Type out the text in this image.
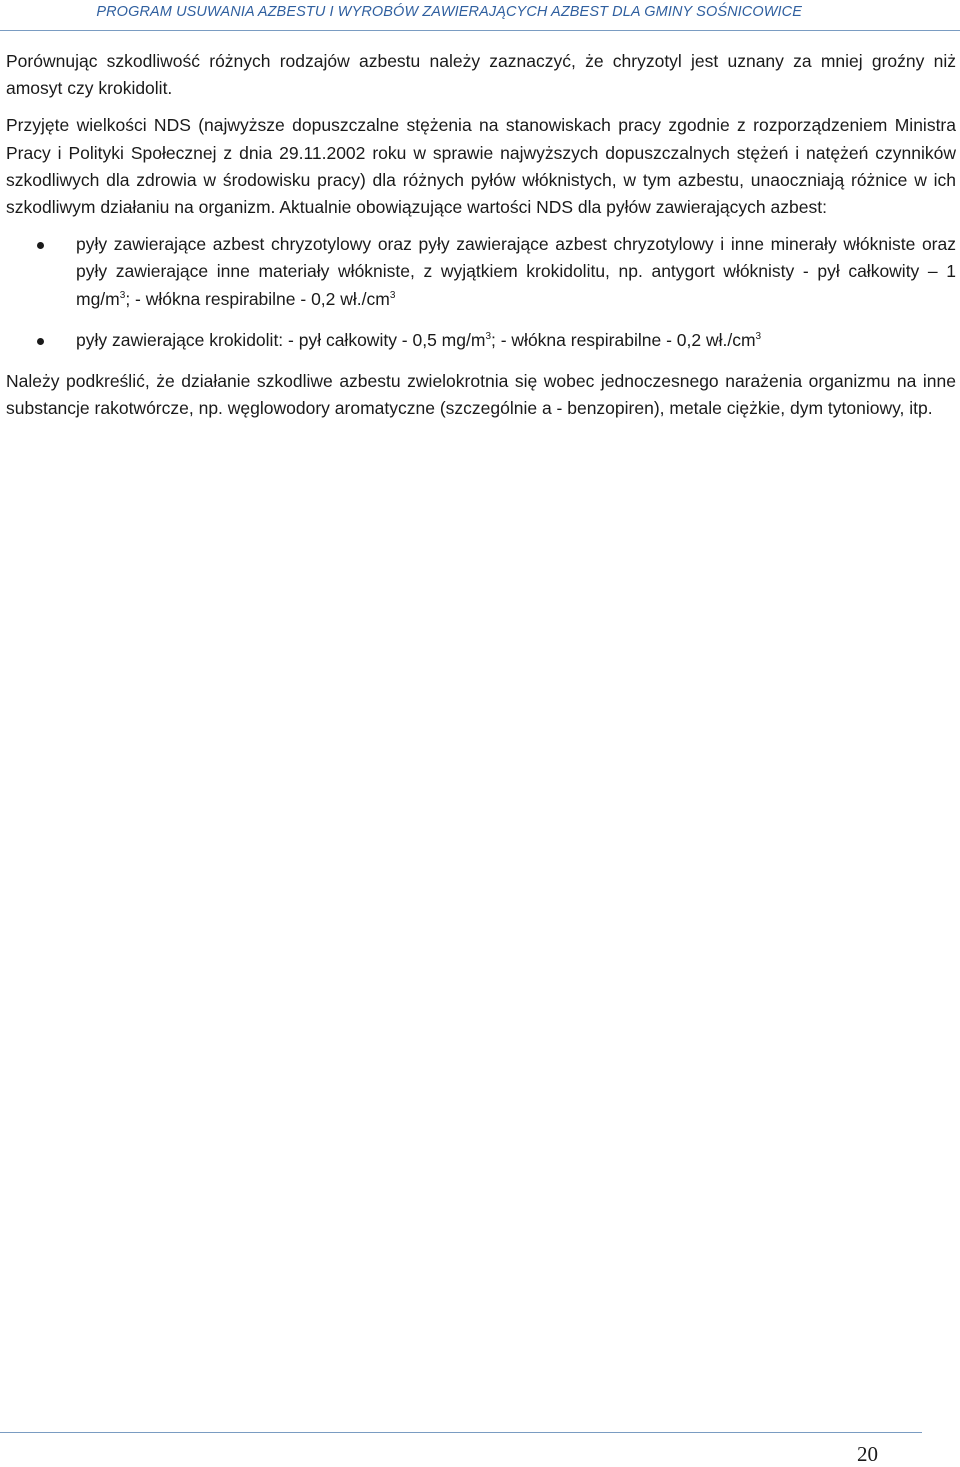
PROGRAM USUWANIA AZBESTU I WYROBÓW ZAWIERAJĄCYCH AZBEST DLA GMINY SOŚNICOWICE

Porównując szkodliwość różnych rodzajów azbestu należy zaznaczyć, że chryzotyl jest uznany za mniej groźny niż amosyt czy krokidolit.

Przyjęte wielkości NDS (najwyższe dopuszczalne stężenia na stanowiskach pracy zgodnie z rozporządzeniem Ministra Pracy i Polityki Społecznej z dnia 29.11.2002 roku w sprawie najwyższych dopuszczalnych stężeń i natężeń czynników szkodliwych dla zdrowia w środowisku pracy) dla różnych pyłów włóknistych, w tym azbestu, unaoczniają różnice w ich szkodliwym działaniu na organizm. Aktualnie obowiązujące wartości NDS dla pyłów zawierających azbest:

pyły zawierające azbest chryzotylowy oraz pyły zawierające azbest chryzotylowy i inne minerały włókniste oraz pyły zawierające inne materiały włókniste, z wyjątkiem krokidolitu, np. antygort włóknisty - pył całkowity – 1 $mg/m^3$; - włókna respirabilne - 0,2 $wł./cm^3$
pyły zawierające krokidolit: - pył całkowity - 0,5 $mg/m^3$; - włókna respirabilne - 0,2 $wł./cm^3$

Należy podkreślić, że działanie szkodliwe azbestu zwielokrotnia się wobec jednoczesnego narażenia organizmu na inne substancje rakotwórcze, np. węglowodory aromatyczne (szczególnie a - benzopiren), metale ciężkie, dym tytoniowy, itp.

20
